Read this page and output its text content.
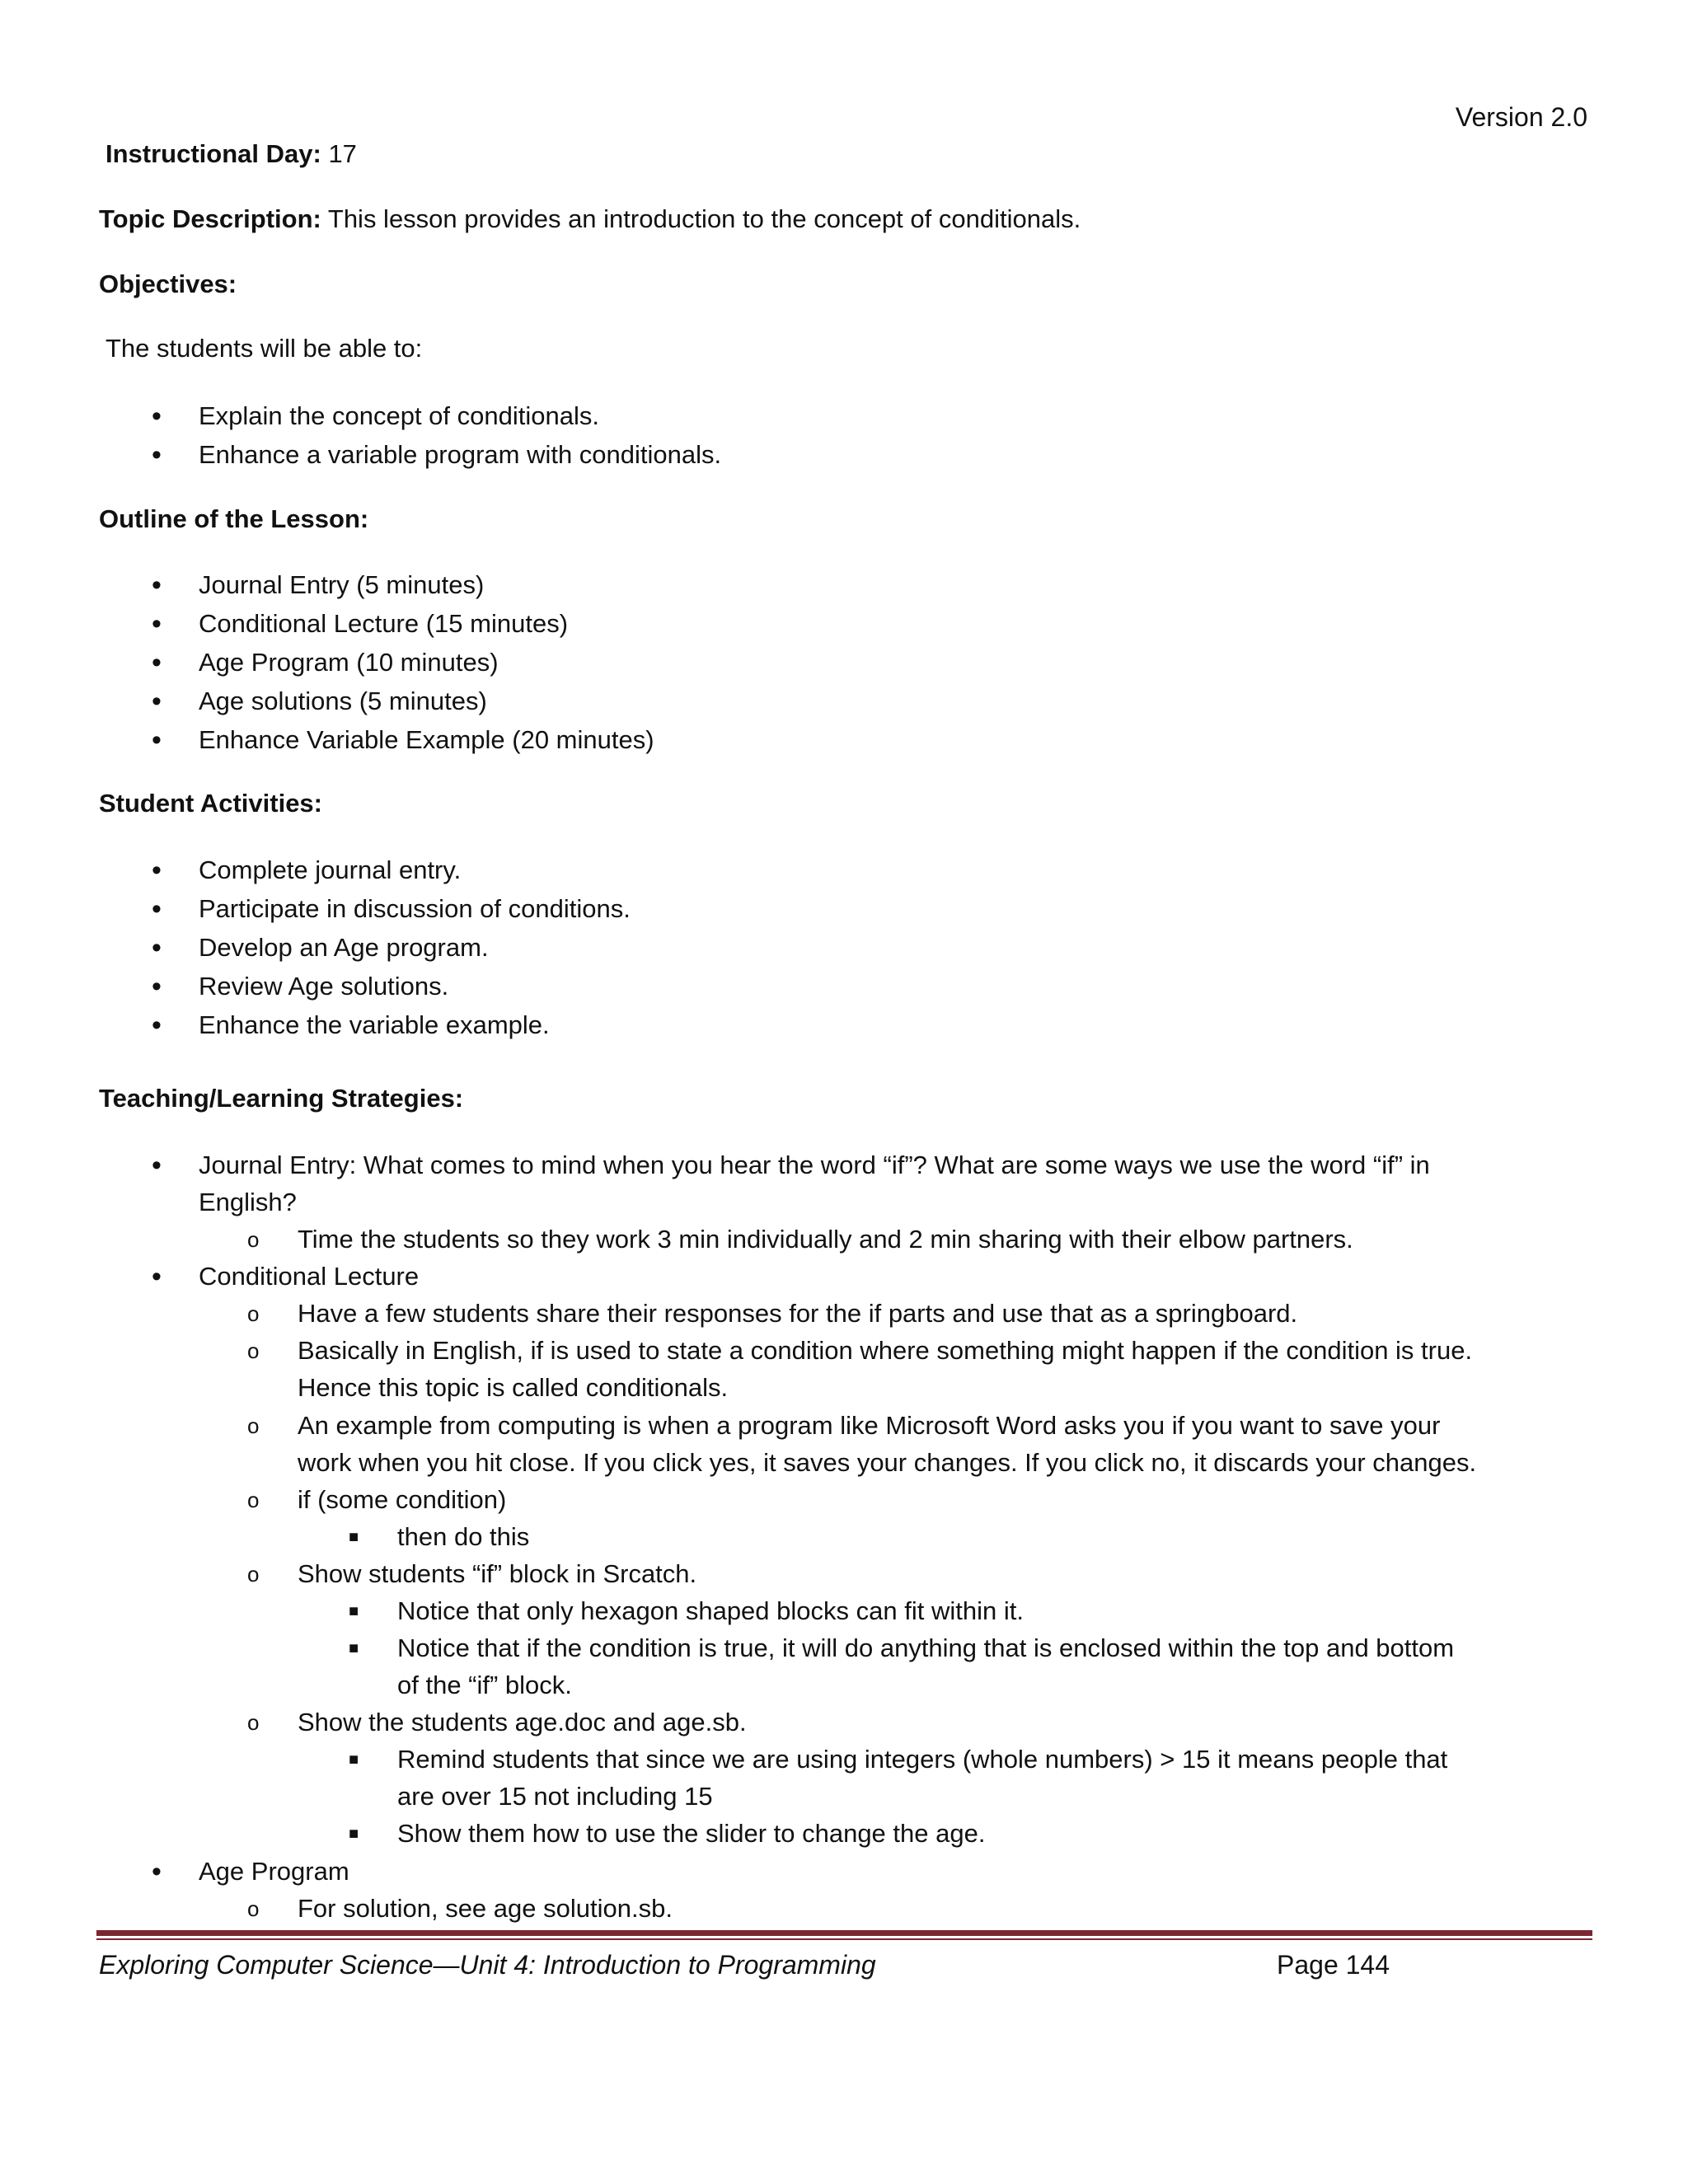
Version 2.0
Instructional Day: 17
Topic Description: This lesson provides an introduction to the concept of conditionals.
Objectives:
The students will be able to:
• Explain the concept of conditionals.
• Enhance a variable program with conditionals.
Outline of the Lesson:
• Journal Entry (5 minutes)
• Conditional Lecture (15 minutes)
• Age Program (10 minutes)
• Age solutions (5 minutes)
• Enhance Variable Example (20 minutes)
Student Activities:
• Complete journal entry.
• Participate in discussion of conditions.
• Develop an Age program.
• Review Age solutions.
• Enhance the variable example.
Teaching/Learning Strategies:
• Journal Entry: What comes to mind when you hear the word “if”? What are some ways we use the word “if” in
English?
o Time the students so they work 3 min individually and 2 min sharing with their elbow partners.
• Conditional Lecture
o Have a few students share their responses for the if parts and use that as a springboard.
o Basically in English, if is used to state a condition where something might happen if the condition is true.
Hence this topic is called conditionals.
o An example from computing is when a program like Microsoft Word asks you if you want to save your
work when you hit close. If you click yes, it saves your changes. If you click no, it discards your changes.
o if (some condition)
■ then do this
o Show students “if” block in Srcatch.
■ Notice that only hexagon shaped blocks can fit within it.
■ Notice that if the condition is true, it will do anything that is enclosed within the top and bottom
of the “if” block.
o Show the students age.doc and age.sb.
■ Remind students that since we are using integers (whole numbers) > 15 it means people that
are over 15 not including 15
■ Show them how to use the slider to change the age.
• Age Program
o For solution, see age solution.sb.
Exploring Computer Science—Unit 4: Introduction to Programming	Page 144
